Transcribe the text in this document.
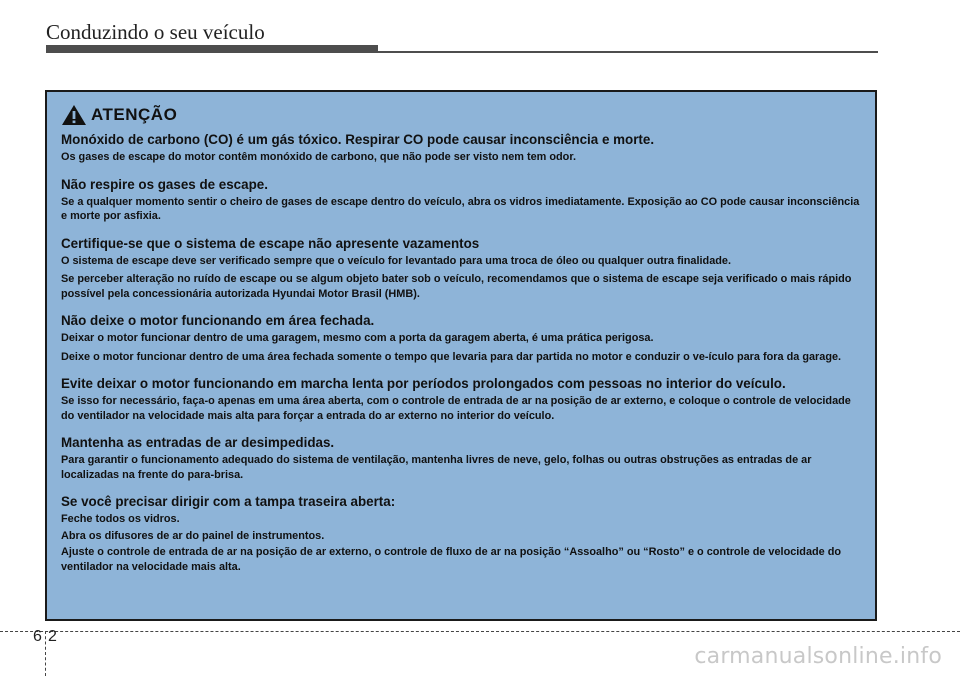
Conduzindo o seu veículo
ATENÇÃO
Monóxido de carbono (CO) é um gás tóxico. Respirar CO pode causar inconsciência e morte.
Os gases de escape do motor contêm monóxido de carbono, que não pode ser visto nem tem odor.
Não respire os gases de escape.
Se a qualquer momento sentir o cheiro de gases de escape dentro do veículo, abra os vidros imediatamente. Exposição ao CO pode causar inconsciência e morte por asfixia.
Certifique-se que o sistema de escape não apresente vazamentos
O sistema de escape deve ser verificado sempre que o veículo for levantado para uma troca de óleo ou qualquer outra finalidade.
Se perceber alteração no ruído de escape ou se algum objeto bater sob o veículo, recomendamos que o sistema de escape seja verificado o mais rápido possível pela concessionária autorizada Hyundai Motor Brasil (HMB).
Não deixe o motor funcionando em área fechada.
Deixar o motor funcionar dentro de uma garagem, mesmo com a porta da garagem aberta, é uma prática perigosa.
Deixe o motor funcionar dentro de uma área fechada somente o tempo que levaria para dar partida no motor e conduzir o ve-ículo para fora da garage.
Evite deixar o motor funcionando em marcha lenta por períodos prolongados com pessoas no interior do veículo.
Se isso for necessário, faça-o apenas em uma área aberta, com o controle de entrada de ar na posição de ar externo, e coloque o controle de velocidade do ventilador na velocidade mais alta para forçar a entrada do ar externo no interior do veículo.
Mantenha as entradas de ar desimpedidas.
Para garantir o funcionamento adequado do sistema de ventilação, mantenha livres de neve, gelo, folhas ou outras obstruções as entradas de ar localizadas na frente do para-brisa.
Se você precisar dirigir com a tampa traseira aberta:
Feche todos os vidros.
Abra os difusores de ar do painel de instrumentos.
Ajuste o controle de entrada de ar na posição de ar externo, o controle de fluxo de ar na posição “Assoalho” ou “Rosto” e o controle de velocidade do ventilador na velocidade mais alta.
6 2
carmanualsonline.info
